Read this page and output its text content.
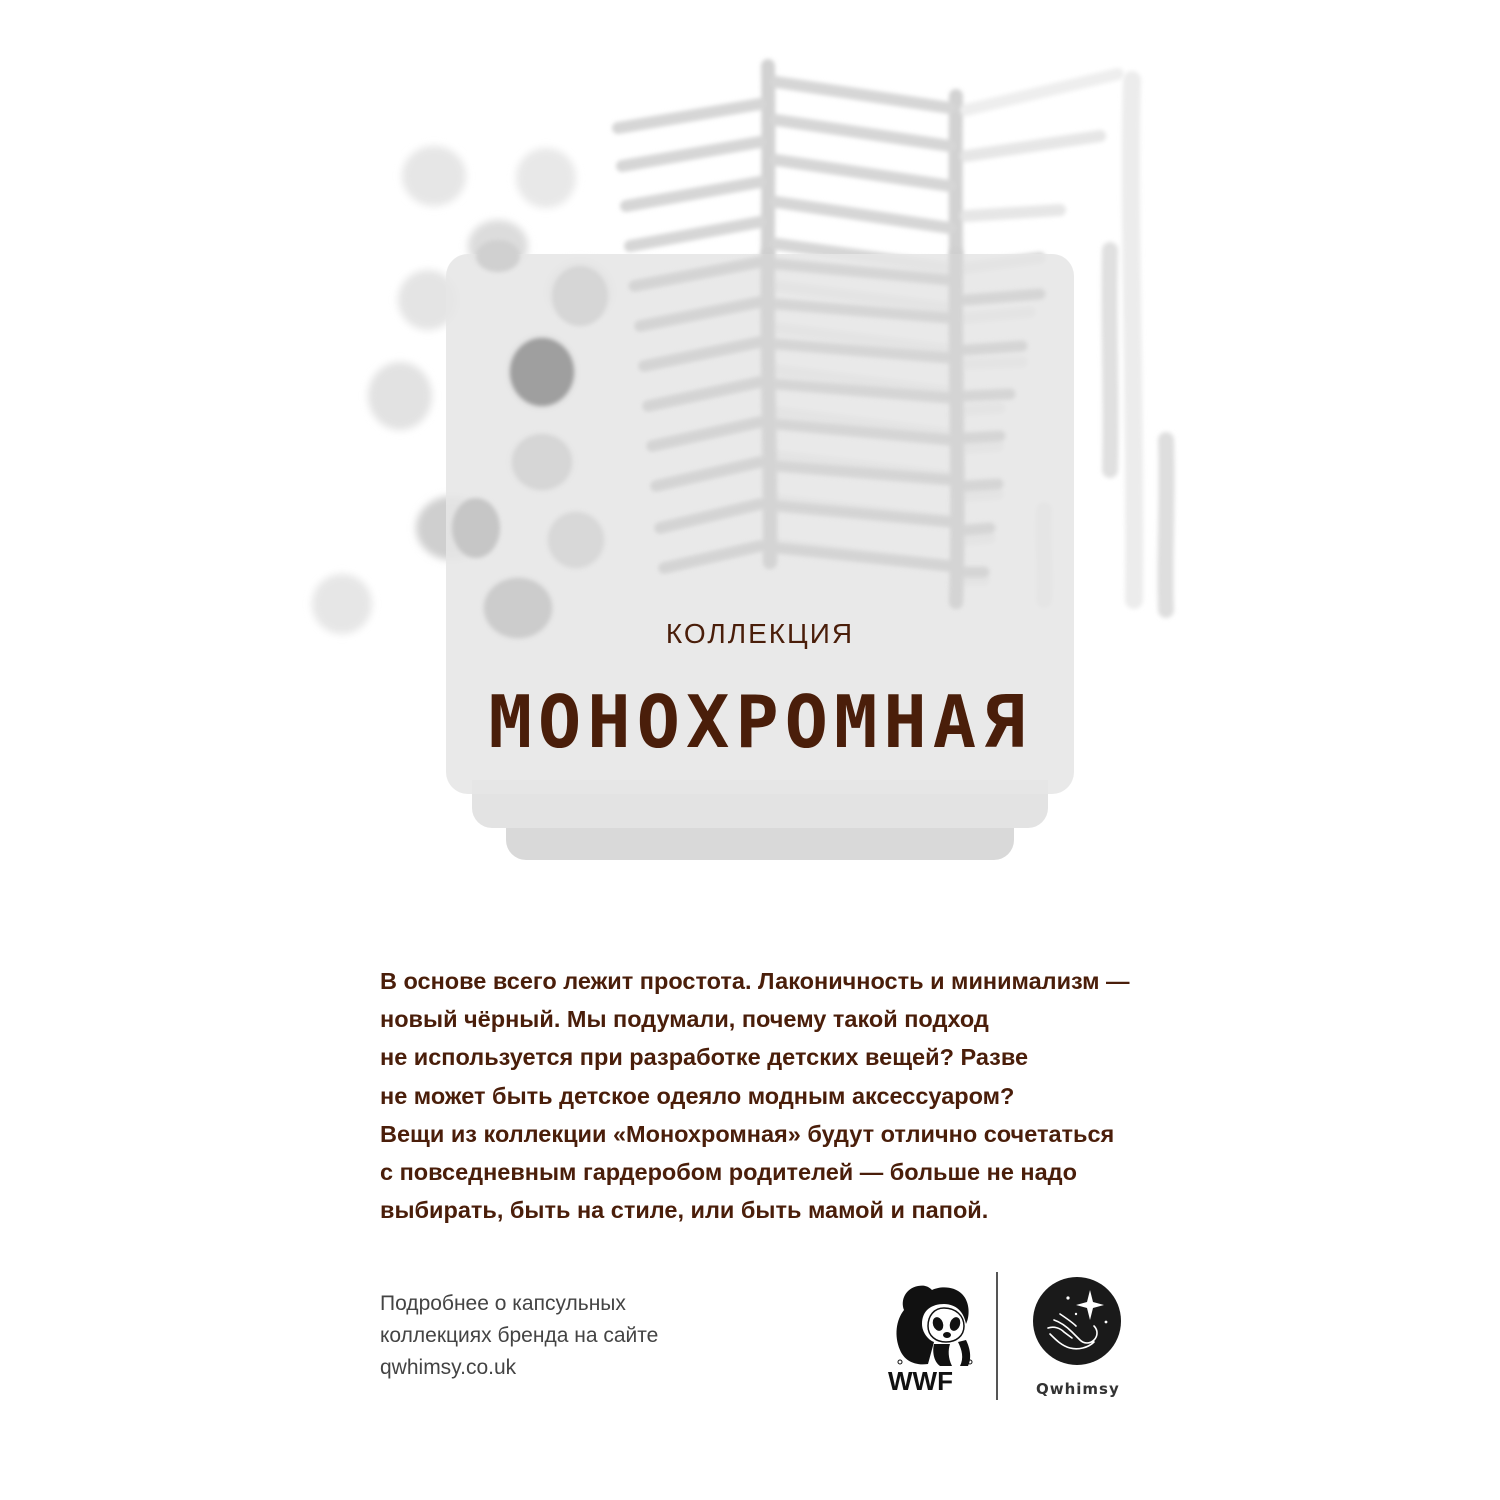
КОЛЛЕКЦИЯ
МОНОХРОМНАЯ

В основе всего лежит простота. Лаконичность и минимализм —
новый чёрный. Мы подумали, почему такой подход
не используется при разработке детских вещей? Разве
не может быть детское одеяло модным аксессуаром?
Вещи из коллекции «Монохромная» будут отлично сочетаться
с повседневным гардеробом родителей — больше не надо
выбирать, быть на стиле, или быть мамой и папой.

Подробнее о капсульных
коллекциях бренда на сайте
qwhimsy.co.uk	WWF	Qwhimsy
